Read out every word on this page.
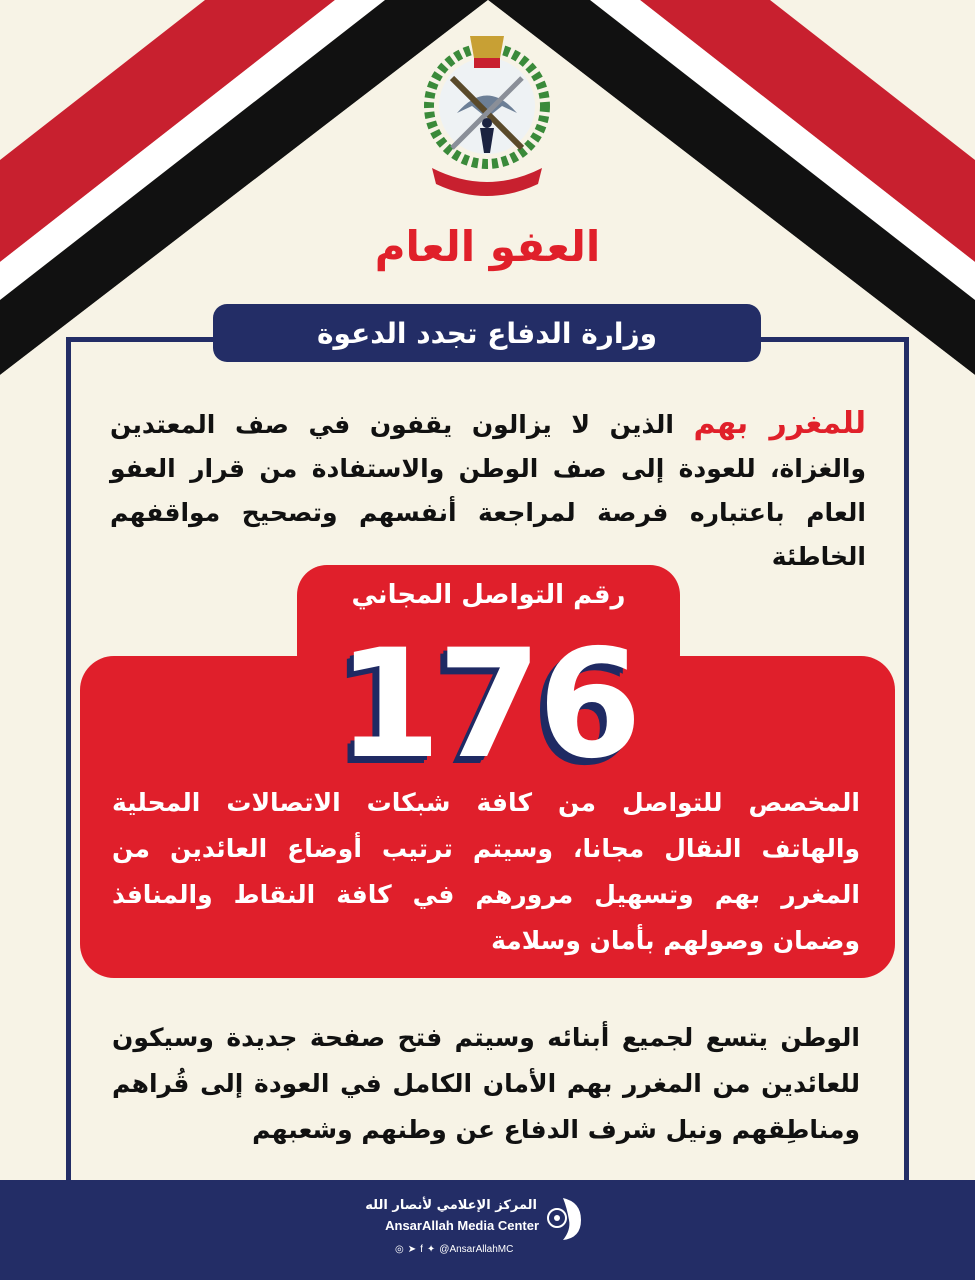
العفو العام
وزارة الدفاع تجدد الدعوة
للمغرر بهم الذين لا يزالون يقفون في صف المعتدين والغزاة، للعودة إلى صف الوطن والاستفادة من قرار العفو العام باعتباره فرصة لمراجعة أنفسهم وتصحيح مواقفهم الخاطئة
رقم التواصل المجاني
176
المخصص للتواصل من كافة شبكات الاتصالات المحلية والهاتف النقال مجانا، وسيتم ترتيب أوضاع العائدين من المغرر بهم وتسهيل مرورهم في كافة النقاط والمنافذ وضمان وصولهم بأمان وسلامة
الوطن يتسع لجميع أبنائه وسيتم فتح صفحة جديدة وسيكون للعائدين من المغرر بهم الأمان الكامل في العودة إلى قُراهم ومناطِقهم ونيل شرف الدفاع عن وطنهم وشعبهم
المركز الإعلامي لأنصار الله
AnsarAllah Media Center
◎ ➤ f ✦ @AnsarAllahMC
